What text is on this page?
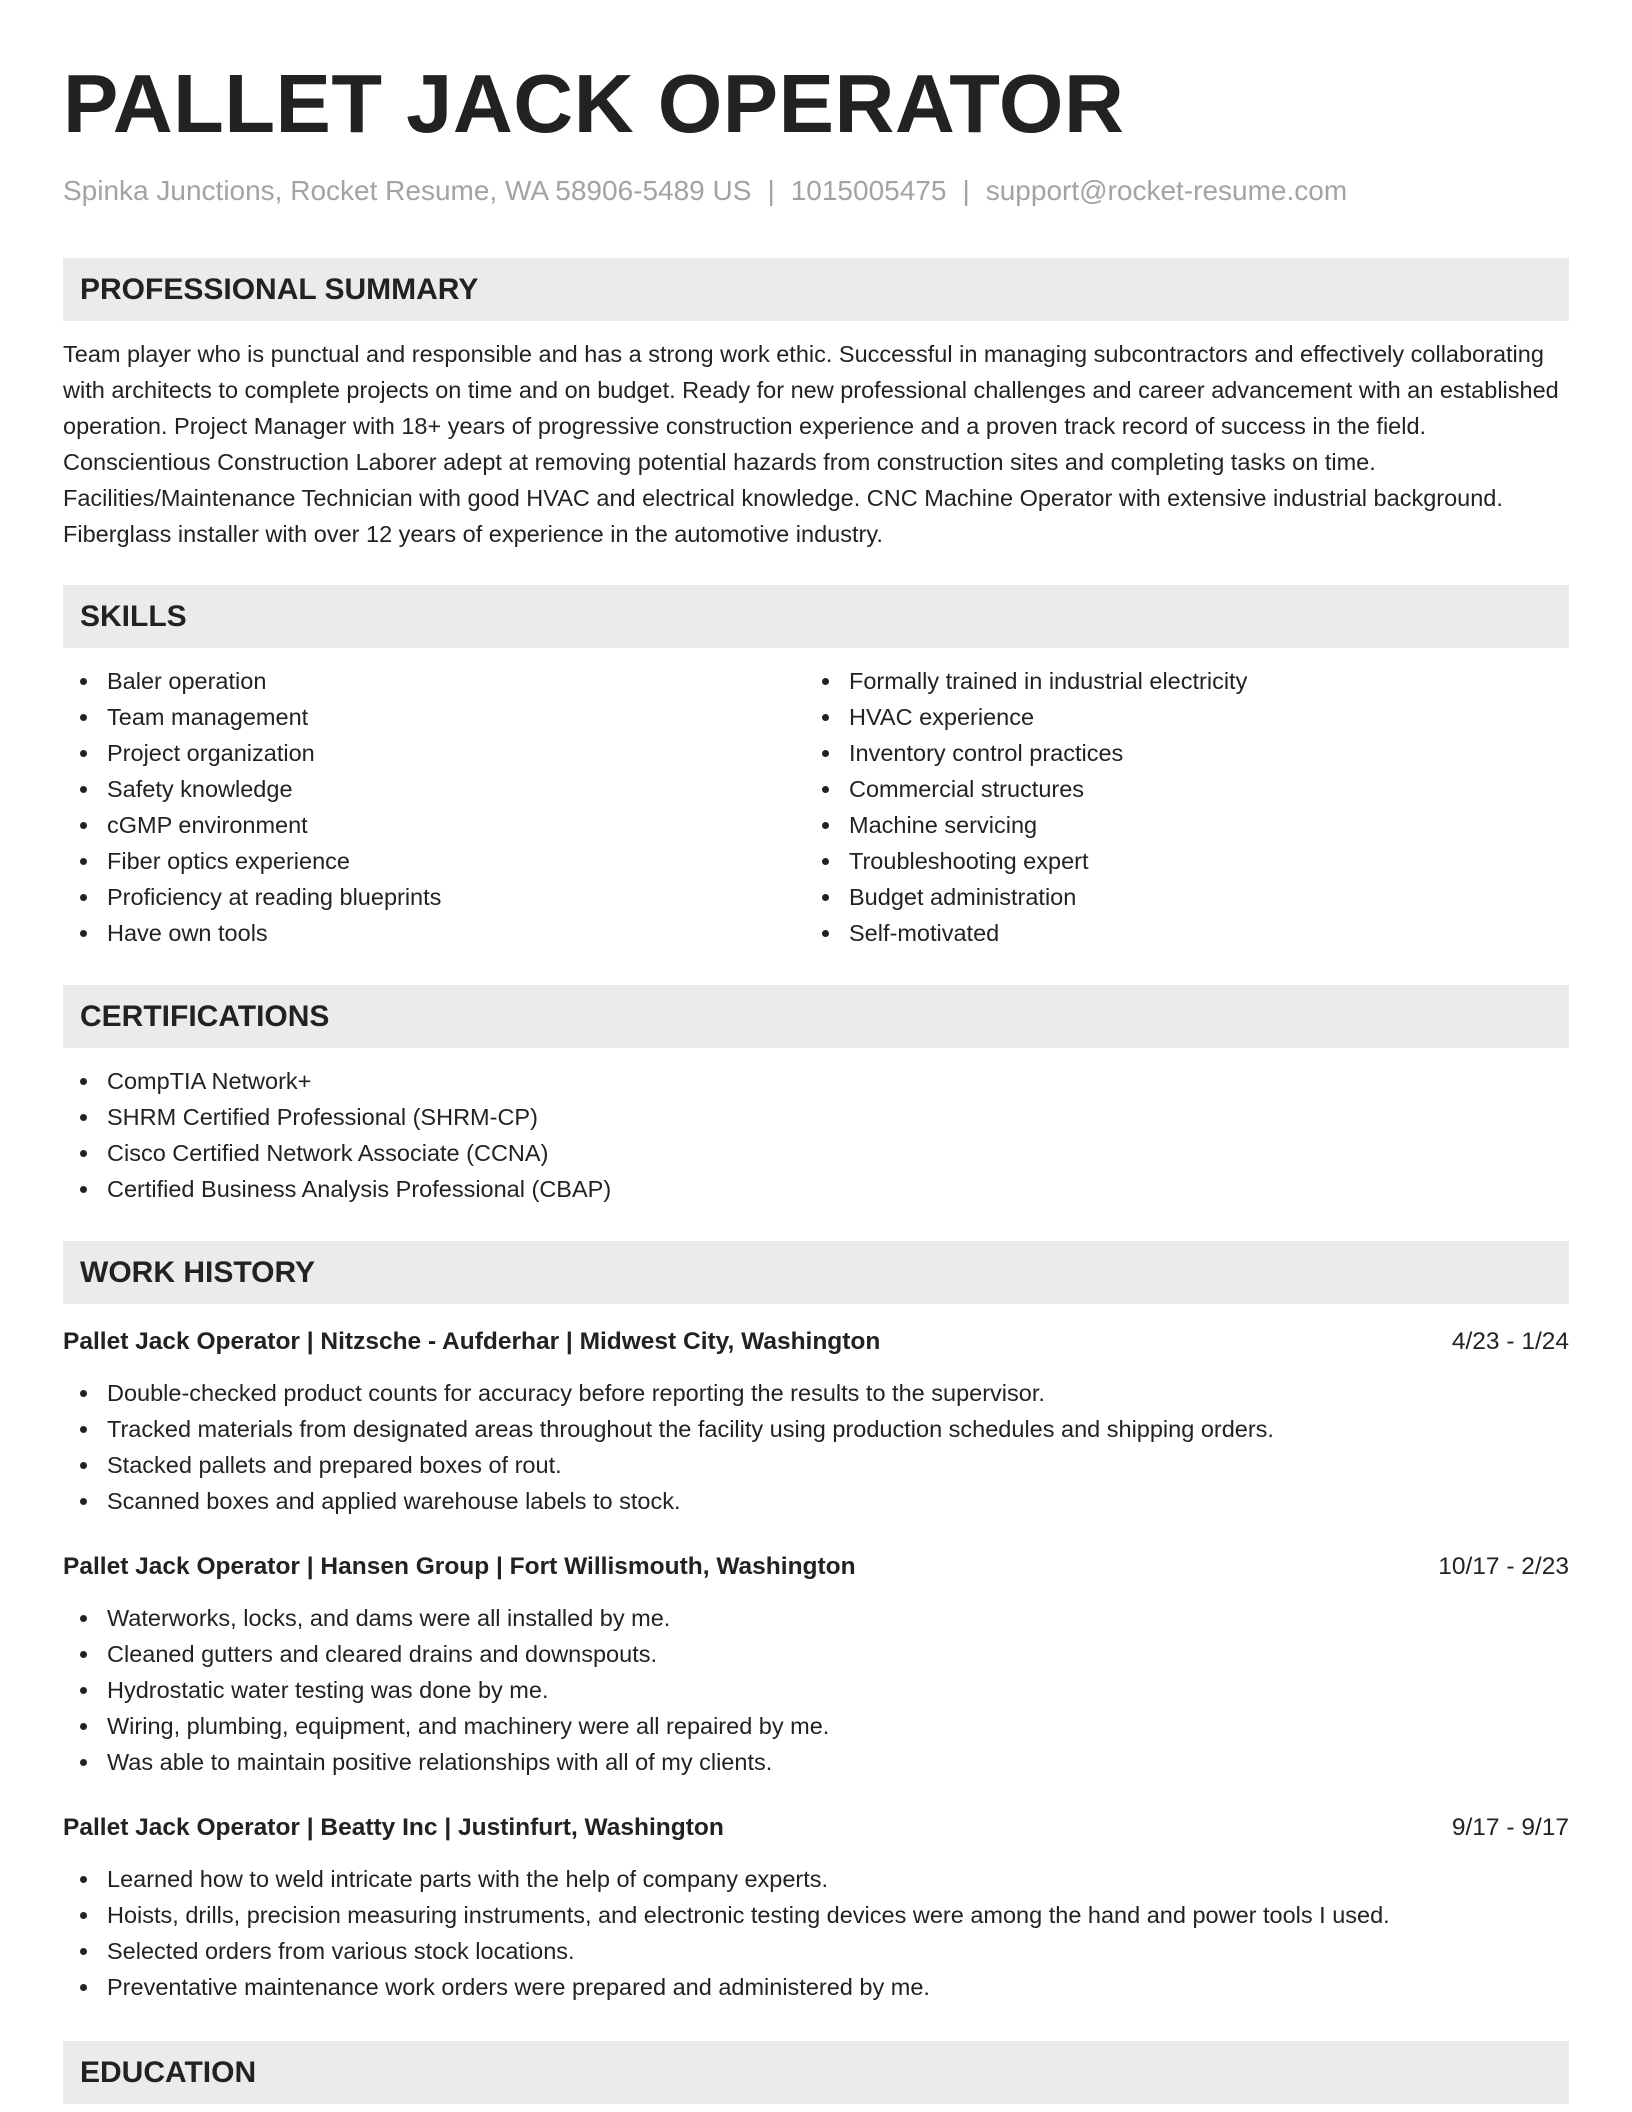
PALLET JACK OPERATOR
Spinka Junctions, Rocket Resume, WA 58906-5489 US | 1015005475 | support@rocket-resume.com
PROFESSIONAL SUMMARY

Team player who is punctual and responsible and has a strong work ethic. Successful in managing subcontractors and effectively collaborating with architects to complete projects on time and on budget. Ready for new professional challenges and career advancement with an established operation. Project Manager with 18+ years of progressive construction experience and a proven track record of success in the field. Conscientious Construction Laborer adept at removing potential hazards from construction sites and completing tasks on time. Facilities/Maintenance Technician with good HVAC and electrical knowledge. CNC Machine Operator with extensive industrial background. Fiberglass installer with over 12 years of experience in the automotive industry.

SKILLS
Baler operation
Team management
Project organization
Safety knowledge
cGMP environment
Fiber optics experience
Proficiency at reading blueprints
Have own tools
Formally trained in industrial electricity
HVAC experience
Inventory control practices
Commercial structures
Machine servicing
Troubleshooting expert
Budget administration
Self-motivated
CERTIFICATIONS
CompTIA Network+
SHRM Certified Professional (SHRM-CP)
Cisco Certified Network Associate (CCNA)
Certified Business Analysis Professional (CBAP)
WORK HISTORY
Pallet Jack Operator | Nitzsche - Aufderhar | Midwest City, Washington	4/23 - 1/24
Double-checked product counts for accuracy before reporting the results to the supervisor.
Tracked materials from designated areas throughout the facility using production schedules and shipping orders.
Stacked pallets and prepared boxes of rout.
Scanned boxes and applied warehouse labels to stock.
Pallet Jack Operator | Hansen Group | Fort Willismouth, Washington	10/17 - 2/23
Waterworks, locks, and dams were all installed by me.
Cleaned gutters and cleared drains and downspouts.
Hydrostatic water testing was done by me.
Wiring, plumbing, equipment, and machinery were all repaired by me.
Was able to maintain positive relationships with all of my clients.
Pallet Jack Operator | Beatty Inc | Justinfurt, Washington	9/17 - 9/17
Learned how to weld intricate parts with the help of company experts.
Hoists, drills, precision measuring instruments, and electronic testing devices were among the hand and power tools I used.
Selected orders from various stock locations.
Preventative maintenance work orders were prepared and administered by me.
EDUCATION
